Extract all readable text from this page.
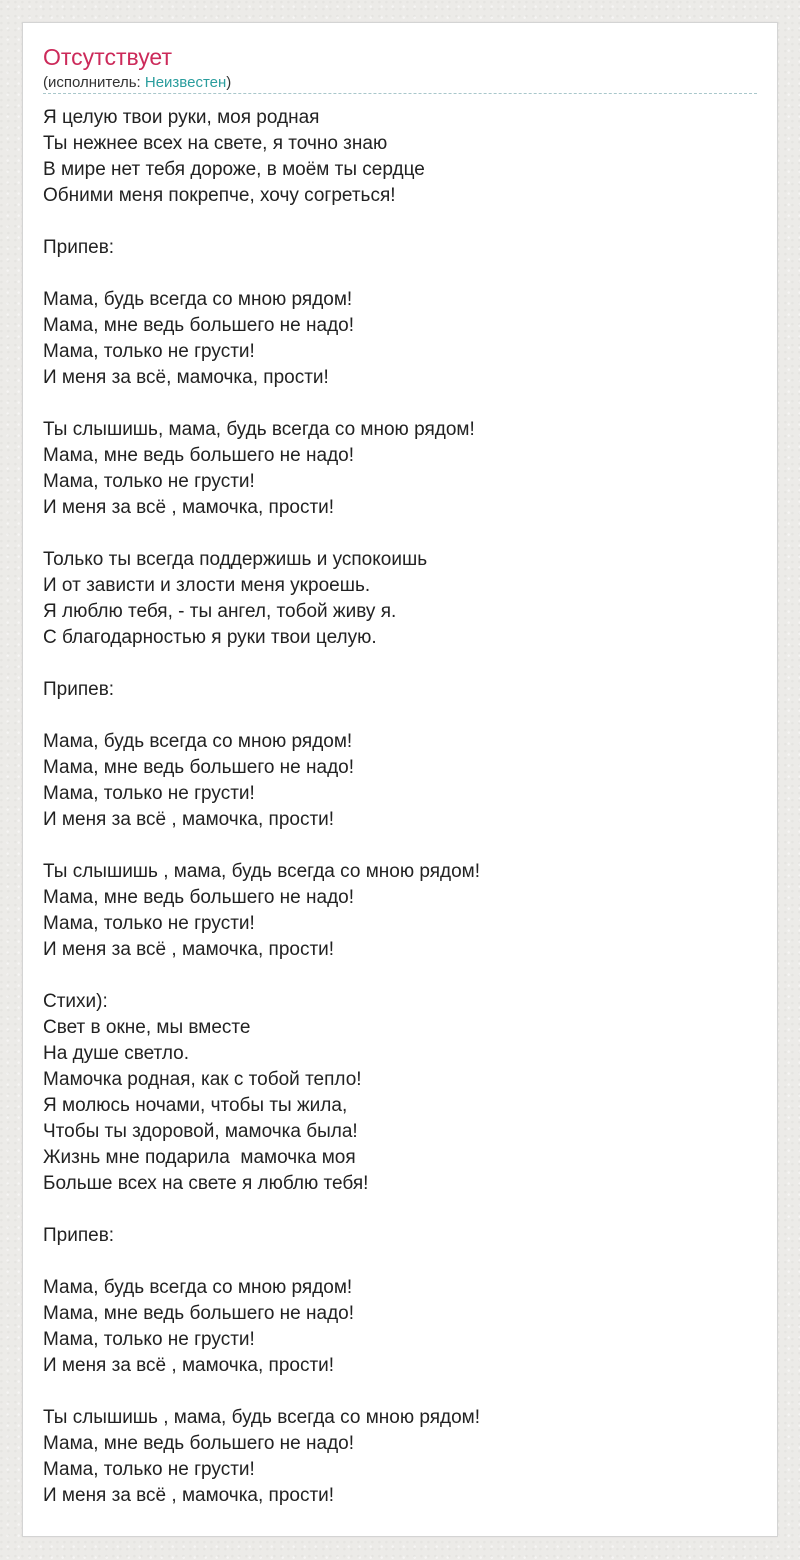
Отсутствует
(исполнитель: Неизвестен)
Я целую твои руки, моя родная
Ты нежнее всех на свете, я точно знаю
В мире нет тебя дороже, в моём ты сердце
Обними меня покрепче, хочу согреться!

Припев:

Мама, будь всегда со мною рядом!
Мама, мне ведь большего не надо!
Мама, только не грусти!
И меня за всё, мамочка, прости!

Ты слышишь, мама, будь всегда со мною рядом!
Мама, мне ведь большего не надо!
Мама, только не грусти!
И меня за всё , мамочка, прости!

Только ты всегда поддержишь и успокоишь
И от зависти и злости меня укроешь.
Я люблю тебя, - ты ангел, тобой живу я.
С благодарностью я руки твои целую.

Припев:

Мама, будь всегда со мною рядом!
Мама, мне ведь большего не надо!
Мама, только не грусти!
И меня за всё , мамочка, прости!

Ты слышишь , мама, будь всегда со мною рядом!
Мама, мне ведь большего не надо!
Мама, только не грусти!
И меня за всё , мамочка, прости!

Стихи):
Свет в окне, мы вместе
На душе светло.
Мамочка родная, как с тобой тепло!
Я молюсь ночами, чтобы ты жила,
Чтобы ты здоровой, мамочка была!
Жизнь мне подарила  мамочка моя
Больше всех на свете я люблю тебя!

Припев:

Мама, будь всегда со мною рядом!
Мама, мне ведь большего не надо!
Мама, только не грусти!
И меня за всё , мамочка, прости!

Ты слышишь , мама, будь всегда со мною рядом!
Мама, мне ведь большего не надо!
Мама, только не грусти!
И меня за всё , мамочка, прости!
